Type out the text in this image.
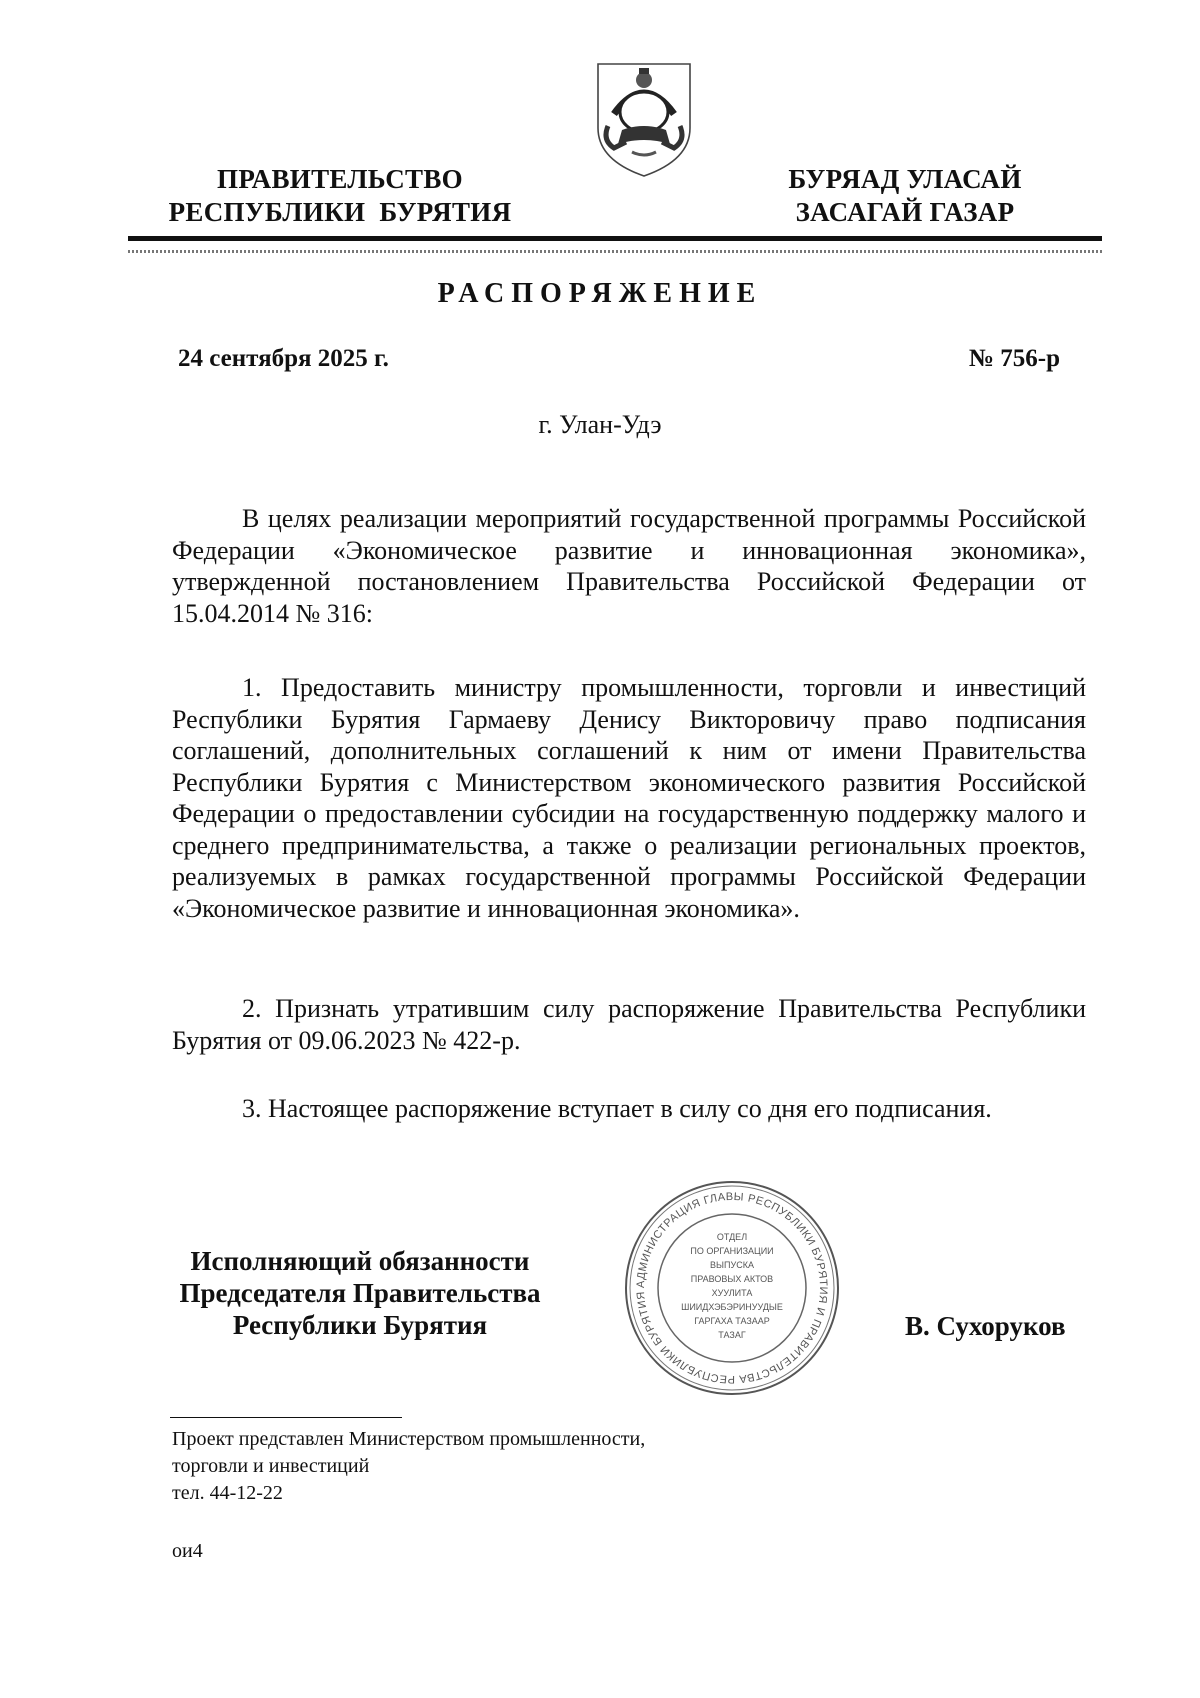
ПРАВИТЕЛЬСТВО
РЕСПУБЛИКИ  БУРЯТИЯ
БУРЯАД УЛАСАЙ
ЗАСАГАЙ ГАЗАР
РАСПОРЯЖЕНИЕ
24 сентября 2025 г.	№ 756-р
г. Улан-Удэ

В целях реализации мероприятий государственной программы Российской Федерации «Экономическое развитие и инновационная экономика», утвержденной постановлением Правительства Российской Федерации от 15.04.2014 № 316:

1. Предоставить министру промышленности, торговли и инвестиций Республики Бурятия Гармаеву Денису Викторовичу право подписания соглашений, дополнительных соглашений к ним от имени Правительства Республики Бурятия с Министерством экономического развития Российской Федерации о предоставлении субсидии на государственную поддержку малого и среднего предпринимательства, а также о реализации региональных проектов, реализуемых в рамках государственной программы Российской Федерации «Экономическое развитие и инновационная экономика».

2. Признать утратившим силу распоряжение Правительства Республики Бурятия от 09.06.2023 № 422-р.

3. Настоящее распоряжение вступает в силу со дня его подписания.

Исполняющий обязанности
Председателя Правительства
Республики Бурятия
АДМИНИСТРАЦИЯ ГЛАВЫ РЕСПУБЛИКИ БУРЯТИЯ И ПРАВИТЕЛЬСТВА РЕСПУБЛИКИ БУРЯТИЯ
ОТДЕЛ
ПО ОРГАНИЗАЦИИ
ВЫПУСКА
ПРАВОВЫХ АКТОВ
ХУУЛИТА
ШИИДХЭБЭРИНУУДЫЕ
ГАРГАХА ТАЗААР
ТАЗАГ	В. Сухоруков
Проект представлен Министерством промышленности,
торговли и инвестиций
тел. 44-12-22
ои4
